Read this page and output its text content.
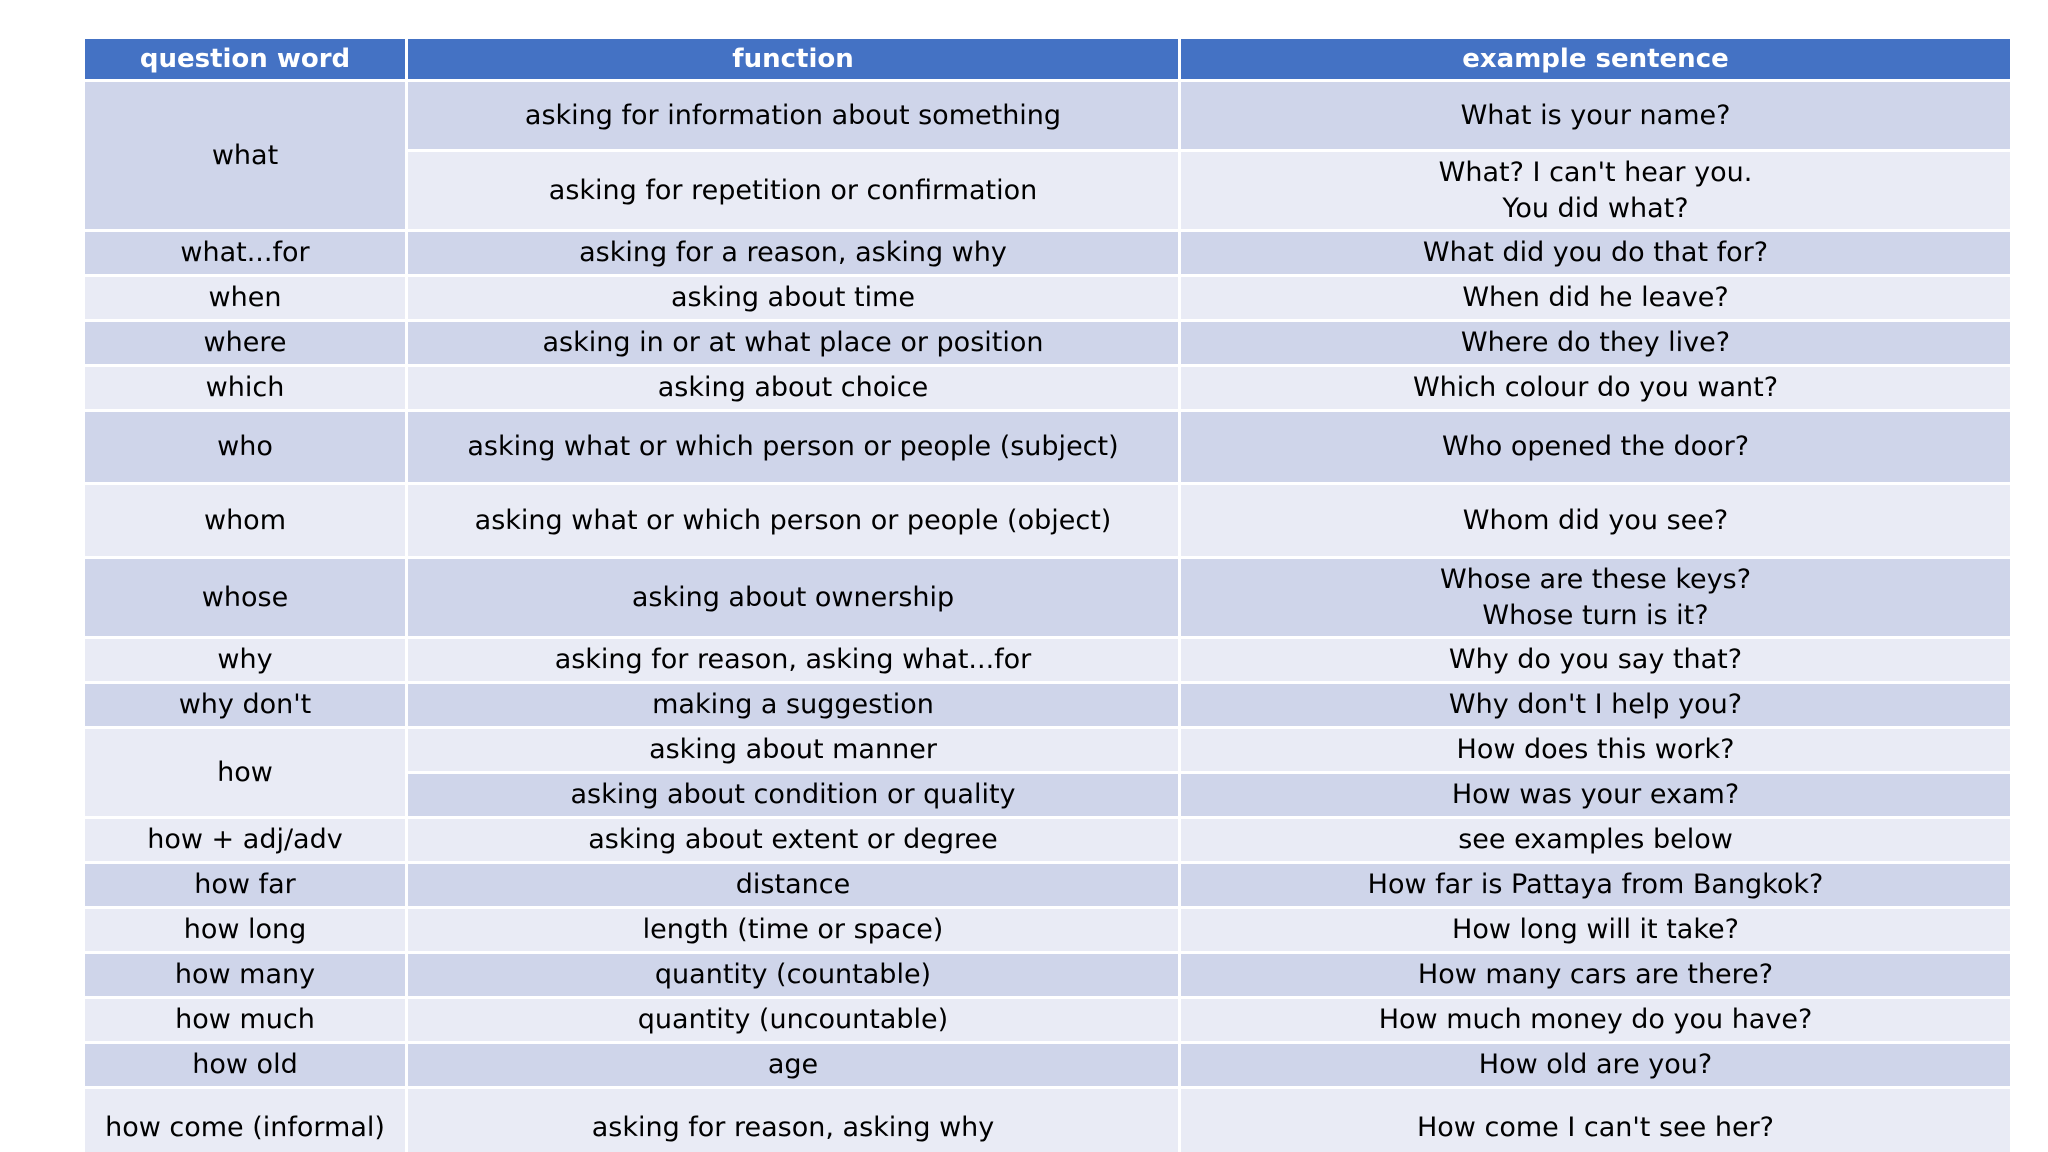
question word	function	example sentence
what	asking for information about something	What is your name?
	asking for repetition or confirmation	What? I can't hear you.
You did what?
what...for	asking for a reason, asking why	What did you do that for?
when	asking about time	When did he leave?
where	asking in or at what place or position	Where do they live?
which	asking about choice	Which colour do you want?
who	asking what or which person or people (subject)	Who opened the door?
whom	asking what or which person or people (object)	Whom did you see?
whose	asking about ownership	Whose are these keys?
Whose turn is it?
why	asking for reason, asking what...for	Why do you say that?
why don't	making a suggestion	Why don't I help you?
how	asking about manner	How does this work?
	asking about condition or quality	How was your exam?
how + adj/adv	asking about extent or degree	see examples below
how far	distance	How far is Pattaya from Bangkok?
how long	length (time or space)	How long will it take?
how many	quantity (countable)	How many cars are there?
how much	quantity (uncountable)	How much money do you have?
how old	age	How old are you?
how come (informal)	asking for reason, asking why	How come I can't see her?
